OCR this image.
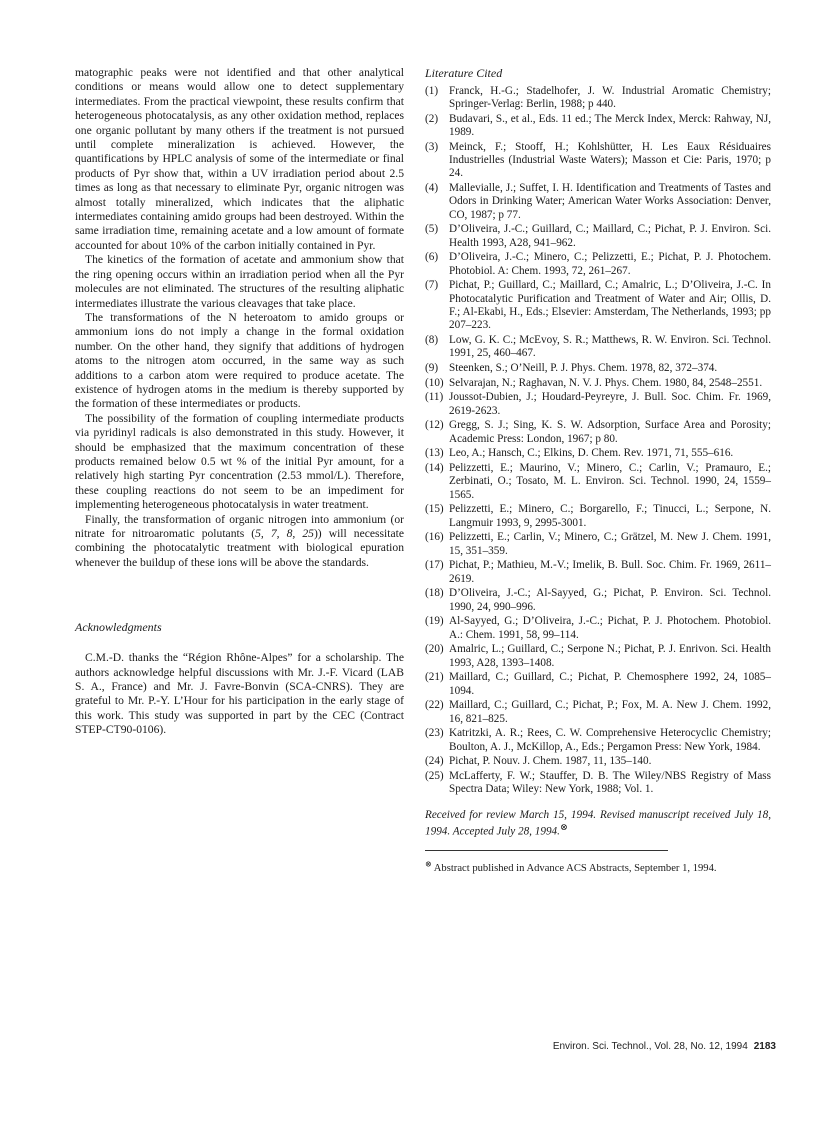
matographic peaks were not identified and that other analytical conditions or means would allow one to detect supplementary intermediates. From the practical viewpoint, these results confirm that heterogeneous photocatalysis, as any other oxidation method, replaces one organic pollutant by many others if the treatment is not pursued until complete mineralization is achieved. However, the quantifications by HPLC analysis of some of the intermediate or final products of Pyr show that, within a UV irradiation period about 2.5 times as long as that necessary to eliminate Pyr, organic nitrogen was almost totally mineralized, which indicates that the aliphatic intermediates containing amido groups had been destroyed. Within the same irradiation time, remaining acetate and a low amount of formate accounted for about 10% of the carbon initially contained in Pyr.

The kinetics of the formation of acetate and ammonium show that the ring opening occurs within an irradiation period when all the Pyr molecules are not eliminated. The structures of the resulting aliphatic intermediates illustrate the various cleavages that take place.

The transformations of the N heteroatom to amido groups or ammonium ions do not imply a change in the formal oxidation number. On the other hand, they signify that additions of hydrogen atoms to the nitrogen atom occurred, in the same way as such additions to a carbon atom were required to produce acetate. The existence of hydrogen atoms in the medium is thereby supported by the formation of these intermediates or products.

The possibility of the formation of coupling intermediate products via pyridinyl radicals is also demonstrated in this study. However, it should be emphasized that the maximum concentration of these products remained below 0.5 wt % of the initial Pyr amount, for a relatively high starting Pyr concentration (2.53 mmol/L). Therefore, these coupling reactions do not seem to be an impediment for implementing heterogeneous photocatalysis in water treatment.

Finally, the transformation of organic nitrogen into ammonium (or nitrate for nitroaromatic polutants (5, 7, 8, 25)) will necessitate combining the photocatalytic treatment with biological epuration whenever the buildup of these ions will be above the standards.

Acknowledgments

C.M.-D. thanks the “Région Rhône-Alpes” for a scholarship. The authors acknowledge helpful discussions with Mr. J.-F. Vicard (LAB S. A., France) and Mr. J. Favre-Bonvin (SCA-CNRS). They are grateful to Mr. P.-Y. L’Hour for his participation in the early stage of this work. This study was supported in part by the CEC (Contract STEP-CT90-0106).

Literature Cited
(1) Franck, H.-G.; Stadelhofer, J. W. Industrial Aromatic Chemistry; Springer-Verlag: Berlin, 1988; p 440.
(2) Budavari, S., et al., Eds. 11 ed.; The Merck Index, Merck: Rahway, NJ, 1989.
(3) Meinck, F.; Stooff, H.; Kohlshütter, H. Les Eaux Résiduaires Industrielles (Industrial Waste Waters); Masson et Cie: Paris, 1970; p 24.
(4) Mallevialle, J.; Suffet, I. H. Identification and Treatments of Tastes and Odors in Drinking Water; American Water Works Association: Denver, CO, 1987; p 77.
(5) D’Oliveira, J.-C.; Guillard, C.; Maillard, C.; Pichat, P. J. Environ. Sci. Health 1993, A28, 941–962.
(6) D’Oliveira, J.-C.; Minero, C.; Pelizzetti, E.; Pichat, P. J. Photochem. Photobiol. A: Chem. 1993, 72, 261–267.
(7) Pichat, P.; Guillard, C.; Maillard, C.; Amalric, L.; D’Oliveira, J.-C. In Photocatalytic Purification and Treatment of Water and Air; Ollis, D. F.; Al-Ekabi, H., Eds.; Elsevier: Amsterdam, The Netherlands, 1993; pp 207–223.
(8) Low, G. K. C.; McEvoy, S. R.; Matthews, R. W. Environ. Sci. Technol. 1991, 25, 460–467.
(9) Steenken, S.; O’Neill, P. J. Phys. Chem. 1978, 82, 372–374.
(10) Selvarajan, N.; Raghavan, N. V. J. Phys. Chem. 1980, 84, 2548–2551.
(11) Joussot-Dubien, J.; Houdard-Peyreyre, J. Bull. Soc. Chim. Fr. 1969, 2619-2623.
(12) Gregg, S. J.; Sing, K. S. W. Adsorption, Surface Area and Porosity; Academic Press: London, 1967; p 80.
(13) Leo, A.; Hansch, C.; Elkins, D. Chem. Rev. 1971, 71, 555–616.
(14) Pelizzetti, E.; Maurino, V.; Minero, C.; Carlin, V.; Pramauro, E.; Zerbinati, O.; Tosato, M. L. Environ. Sci. Technol. 1990, 24, 1559–1565.
(15) Pelizzetti, E.; Minero, C.; Borgarello, F.; Tinucci, L.; Serpone, N. Langmuir 1993, 9, 2995-3001.
(16) Pelizzetti, E.; Carlin, V.; Minero, C.; Grätzel, M. New J. Chem. 1991, 15, 351–359.
(17) Pichat, P.; Mathieu, M.-V.; Imelik, B. Bull. Soc. Chim. Fr. 1969, 2611–2619.
(18) D’Oliveira, J.-C.; Al-Sayyed, G.; Pichat, P. Environ. Sci. Technol. 1990, 24, 990–996.
(19) Al-Sayyed, G.; D’Oliveira, J.-C.; Pichat, P. J. Photochem. Photobiol. A.: Chem. 1991, 58, 99–114.
(20) Amalric, L.; Guillard, C.; Serpone N.; Pichat, P. J. Enrivon. Sci. Health 1993, A28, 1393–1408.
(21) Maillard, C.; Guillard, C.; Pichat, P. Chemosphere 1992, 24, 1085–1094.
(22) Maillard, C.; Guillard, C.; Pichat, P.; Fox, M. A. New J. Chem. 1992, 16, 821–825.
(23) Katritzki, A. R.; Rees, C. W. Comprehensive Heterocyclic Chemistry; Boulton, A. J., McKillop, A., Eds.; Pergamon Press: New York, 1984.
(24) Pichat, P. Nouv. J. Chem. 1987, 11, 135–140.
(25) McLafferty, F. W.; Stauffer, D. B. The Wiley/NBS Registry of Mass Spectra Data; Wiley: New York, 1988; Vol. 1.

Received for review March 15, 1994. Revised manuscript received July 18, 1994. Accepted July 28, 1994.⊗

⊗ Abstract published in Advance ACS Abstracts, September 1, 1994.

Environ. Sci. Technol., Vol. 28, No. 12, 1994 2183
